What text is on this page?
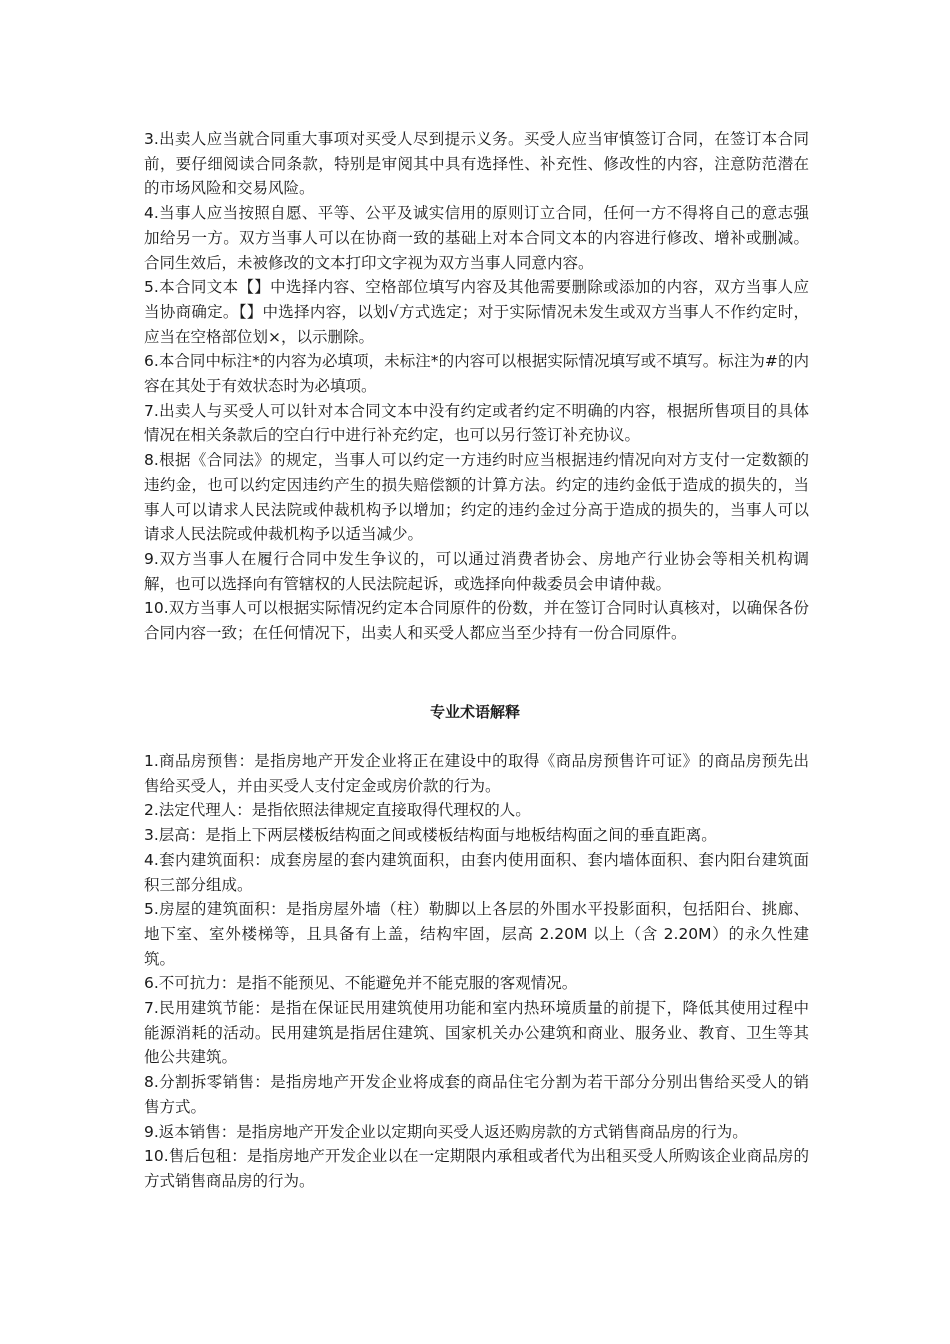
3.出卖人应当就合同重大事项对买受人尽到提示义务。买受人应当审慎签订合同，在签订本合同前，要仔细阅读合同条款，特别是审阅其中具有选择性、补充性、修改性的内容，注意防范潜在的市场风险和交易风险。

4.当事人应当按照自愿、平等、公平及诚实信用的原则订立合同，任何一方不得将自己的意志强加给另一方。双方当事人可以在协商一致的基础上对本合同文本的内容进行修改、增补或删减。合同生效后，未被修改的文本打印文字视为双方当事人同意内容。

5.本合同文本【】中选择内容、空格部位填写内容及其他需要删除或添加的内容，双方当事人应当协商确定。【】中选择内容，以划√方式选定；对于实际情况未发生或双方当事人不作约定时，应当在空格部位划×，以示删除。

6.本合同中标注*的内容为必填项，未标注*的内容可以根据实际情况填写或不填写。标注为#的内容在其处于有效状态时为必填项。

7.出卖人与买受人可以针对本合同文本中没有约定或者约定不明确的内容，根据所售项目的具体情况在相关条款后的空白行中进行补充约定，也可以另行签订补充协议。

8.根据《合同法》的规定，当事人可以约定一方违约时应当根据违约情况向对方支付一定数额的违约金，也可以约定因违约产生的损失赔偿额的计算方法。约定的违约金低于造成的损失的，当事人可以请求人民法院或仲裁机构予以增加；约定的违约金过分高于造成的损失的，当事人可以请求人民法院或仲裁机构予以适当减少。

9.双方当事人在履行合同中发生争议的，可以通过消费者协会、房地产行业协会等相关机构调解，也可以选择向有管辖权的人民法院起诉，或选择向仲裁委员会申请仲裁。

10.双方当事人可以根据实际情况约定本合同原件的份数，并在签订合同时认真核对，以确保各份合同内容一致；在任何情况下，出卖人和买受人都应当至少持有一份合同原件。

专业术语解释

1.商品房预售：是指房地产开发企业将正在建设中的取得《商品房预售许可证》的商品房预先出售给买受人，并由买受人支付定金或房价款的行为。

2.法定代理人：是指依照法律规定直接取得代理权的人。

3.层高：是指上下两层楼板结构面之间或楼板结构面与地板结构面之间的垂直距离。

4.套内建筑面积：成套房屋的套内建筑面积，由套内使用面积、套内墙体面积、套内阳台建筑面积三部分组成。

5.房屋的建筑面积：是指房屋外墙（柱）勒脚以上各层的外围水平投影面积，包括阳台、挑廊、地下室、室外楼梯等，且具备有上盖，结构牢固，层高 2.20M 以上（含 2.20M）的永久性建筑。

6.不可抗力：是指不能预见、不能避免并不能克服的客观情况。

7.民用建筑节能：是指在保证民用建筑使用功能和室内热环境质量的前提下，降低其使用过程中能源消耗的活动。民用建筑是指居住建筑、国家机关办公建筑和商业、服务业、教育、卫生等其他公共建筑。

8.分割拆零销售：是指房地产开发企业将成套的商品住宅分割为若干部分分别出售给买受人的销售方式。

9.返本销售：是指房地产开发企业以定期向买受人返还购房款的方式销售商品房的行为。

10.售后包租：是指房地产开发企业以在一定期限内承租或者代为出租买受人所购该企业商品房的方式销售商品房的行为。
